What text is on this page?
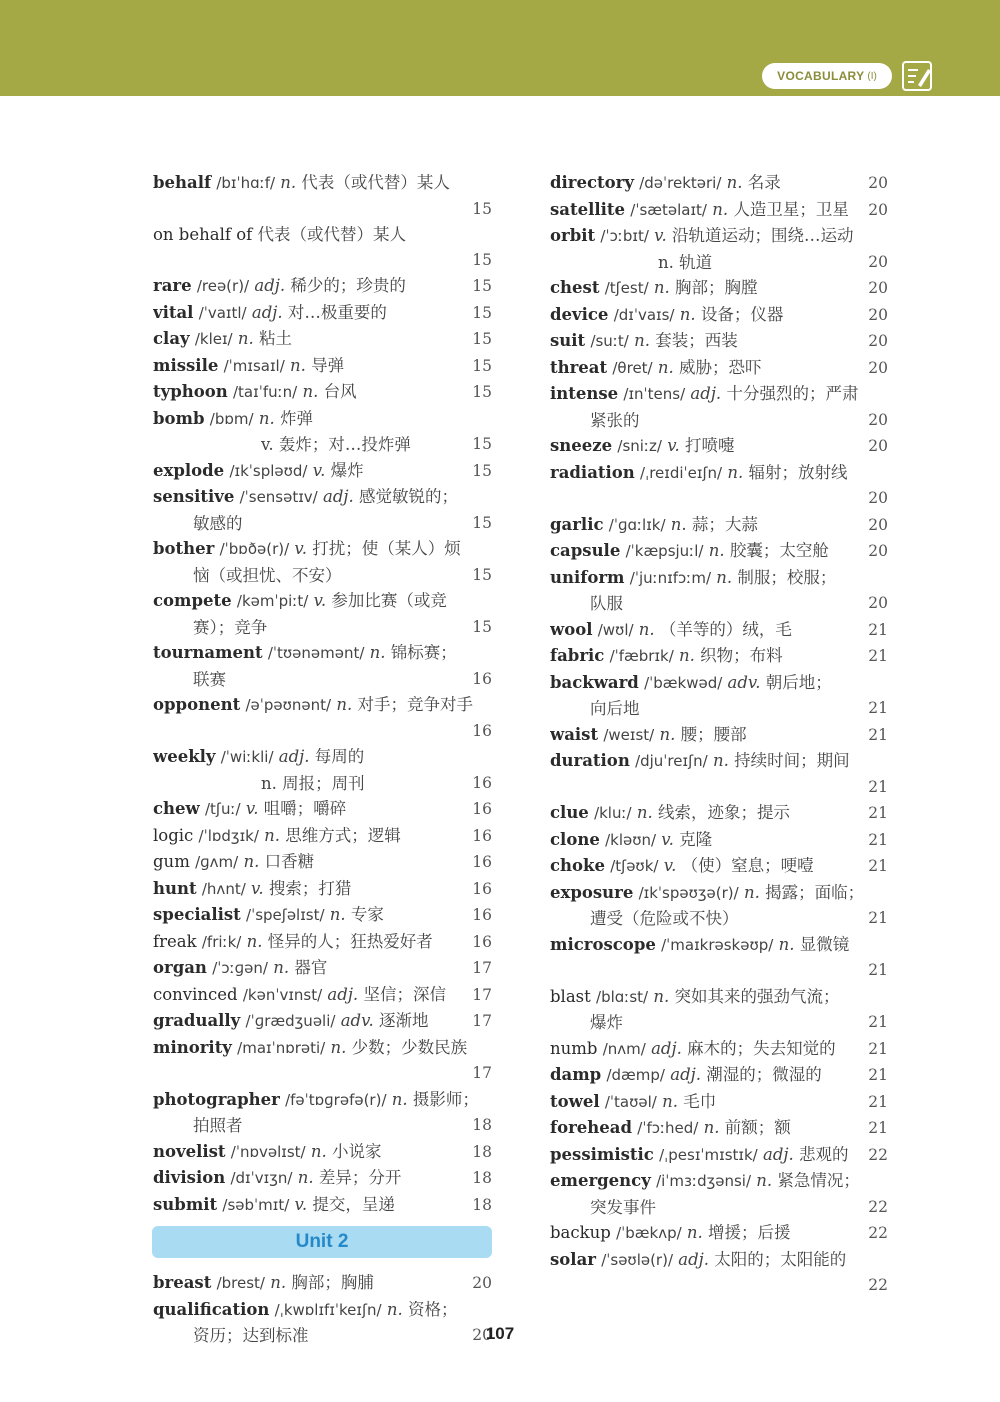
VOCABULARY (I)
behalf /bɪˈhɑːf/ n. 代表（或代替）某人
15
on behalf of 代表（或代替）某人
15
rare /reə(r)/ adj. 稀少的；珍贵的	15
vital /ˈvaɪtl/ adj. 对…极重要的	15
clay /kleɪ/ n. 粘土	15
missile /ˈmɪsaɪl/ n. 导弹	15
typhoon /taɪˈfuːn/ n. 台风	15
bomb /bɒm/ n. 炸弹
v. 轰炸；对…投炸弹	15
explode /ɪkˈspləʊd/ v. 爆炸	15
sensitive /ˈsensətɪv/ adj. 感觉敏锐的；
敏感的	15
bother /ˈbɒðə(r)/ v. 打扰；使（某人）烦
恼（或担忧、不安）	15
compete /kəmˈpiːt/ v. 参加比赛（或竞
赛）；竞争	15
tournament /ˈtʊənəmənt/ n. 锦标赛；
联赛	16
opponent /əˈpəʊnənt/ n. 对手；竞争对手
16
weekly /ˈwiːkli/ adj. 每周的
n. 周报；周刊	16
chew /tʃuː/ v. 咀嚼；嚼碎	16
logic /ˈlɒdʒɪk/ n. 思维方式；逻辑	16
gum /ɡʌm/ n. 口香糖	16
hunt /hʌnt/ v. 搜索；打猎	16
specialist /ˈspeʃəlɪst/ n. 专家	16
freak /friːk/ n. 怪异的人；狂热爱好者	16
organ /ˈɔːɡən/ n. 器官	17
convinced /kənˈvɪnst/ adj. 坚信；深信 17
gradually /ˈɡrædʒuəli/ adv. 逐渐地	17
minority /maɪˈnɒrəti/ n. 少数；少数民族
17
photographer /fəˈtɒɡrəfə(r)/ n. 摄影师；
拍照者	18
novelist /ˈnɒvəlɪst/ n. 小说家	18
division /dɪˈvɪʒn/ n. 差异；分开	18
submit /səbˈmɪt/ v. 提交，呈递	18
Unit 2
breast /brest/ n. 胸部；胸脯	20
qualification /ˌkwɒlɪfɪˈkeɪʃn/ n. 资格；
资历；达到标准	20
directory /dəˈrektəri/ n. 名录	20
satellite /ˈsætəlaɪt/ n. 人造卫星；卫星 20
orbit /ˈɔːbɪt/ v. 沿轨道运动；围绕…运动
n. 轨道	20
chest /tʃest/ n. 胸部；胸膛	20
device /dɪˈvaɪs/ n. 设备；仪器	20
suit /suːt/ n. 套装；西装	20
threat /θret/ n. 威胁；恐吓	20
intense /ɪnˈtens/ adj. 十分强烈的；严肃
紧张的	20
sneeze /sniːz/ v. 打喷嚏	20
radiation /ˌreɪdiˈeɪʃn/ n. 辐射；放射线
20
garlic /ˈɡɑːlɪk/ n. 蒜；大蒜	20
capsule /ˈkæpsjuːl/ n. 胶囊；太空舱	20
uniform /ˈjuːnɪfɔːm/ n. 制服；校服；
队服	20
wool /wʊl/ n. （羊等的）绒，毛	21
fabric /ˈfæbrɪk/ n. 织物；布料	21
backward /ˈbækwəd/ adv. 朝后地；
向后地	21
waist /weɪst/ n. 腰；腰部	21
duration /djuˈreɪʃn/ n. 持续时间；期间
21
clue /kluː/ n. 线索，迹象；提示	21
clone /kləʊn/ v. 克隆	21
choke /tʃəʊk/ v. （使）窒息；哽噎	21
exposure /ɪkˈspəʊʒə(r)/ n. 揭露；面临；
遭受（危险或不快）	21
microscope /ˈmaɪkrəskəʊp/ n. 显微镜
21
blast /blɑːst/ n. 突如其来的强劲气流；
爆炸	21
numb /nʌm/ adj. 麻木的；失去知觉的 21
damp /dæmp/ adj. 潮湿的；微湿的	21
towel /ˈtaʊəl/ n. 毛巾	21
forehead /ˈfɔːhed/ n. 前额；额	21
pessimistic /ˌpesɪˈmɪstɪk/ adj. 悲观的 22
emergency /iˈmɜːdʒənsi/ n. 紧急情况；
突发事件	22
backup /ˈbækʌp/ n. 增援；后援	22
solar /ˈsəʊlə(r)/ adj. 太阳的；太阳能的
22
107
